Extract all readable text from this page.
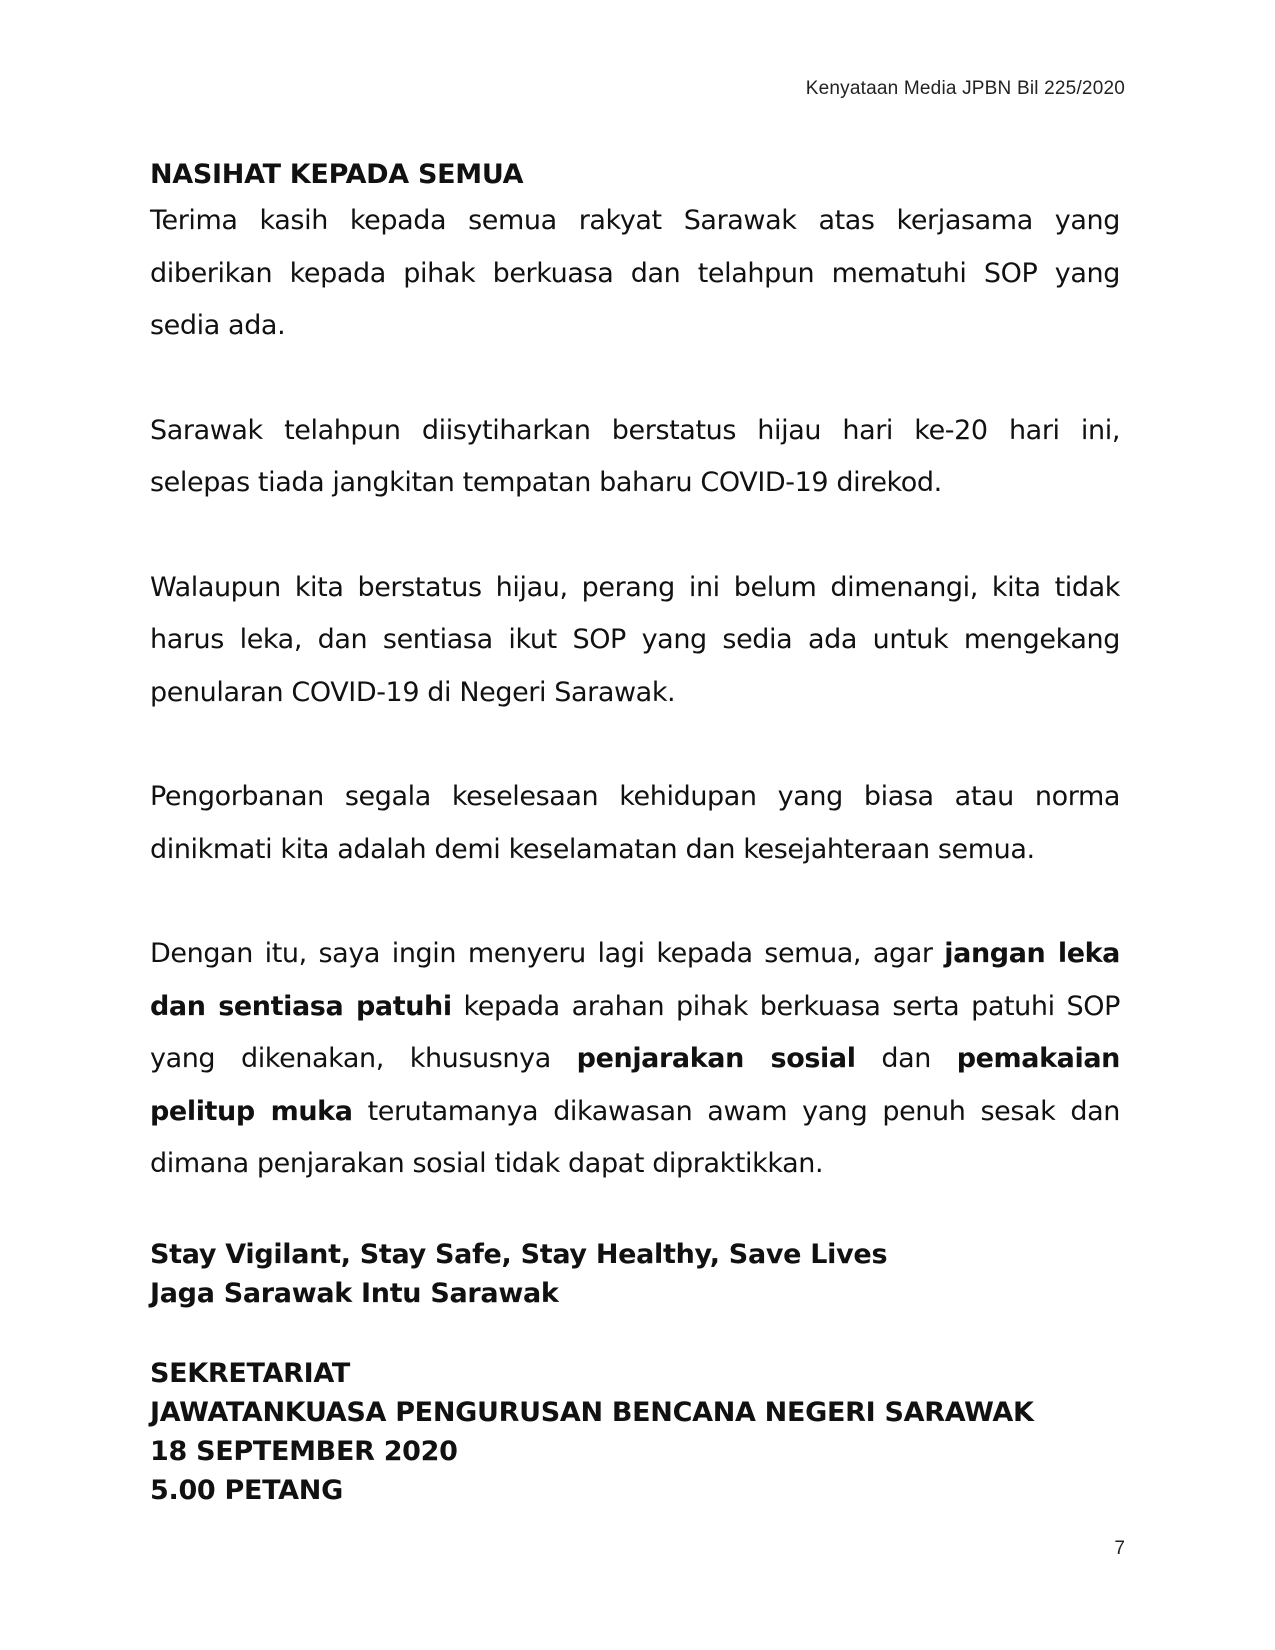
Kenyataan Media JPBN Bil 225/2020
NASIHAT KEPADA SEMUA

Terima kasih kepada semua rakyat Sarawak atas kerjasama yang diberikan kepada pihak berkuasa dan telahpun mematuhi SOP yang sedia ada.

Sarawak telahpun diisytiharkan berstatus hijau hari ke-20 hari ini, selepas tiada jangkitan tempatan baharu COVID-19 direkod.

Walaupun kita berstatus hijau, perang ini belum dimenangi, kita tidak harus leka, dan sentiasa ikut SOP yang sedia ada untuk mengekang penularan COVID-19 di Negeri Sarawak.

Pengorbanan segala keselesaan kehidupan yang biasa atau norma dinikmati kita adalah demi keselamatan dan kesejahteraan semua.

Dengan itu, saya ingin menyeru lagi kepada semua, agar jangan leka dan sentiasa patuhi kepada arahan pihak berkuasa serta patuhi SOP yang dikenakan, khususnya penjarakan sosial dan pemakaian pelitup muka terutamanya dikawasan awam yang penuh sesak dan dimana penjarakan sosial tidak dapat dipraktikkan.

Stay Vigilant, Stay Safe, Stay Healthy, Save Lives
Jaga Sarawak Intu Sarawak
SEKRETARIAT
JAWATANKUASA PENGURUSAN BENCANA NEGERI SARAWAK
18 SEPTEMBER 2020
5.00 PETANG
7
